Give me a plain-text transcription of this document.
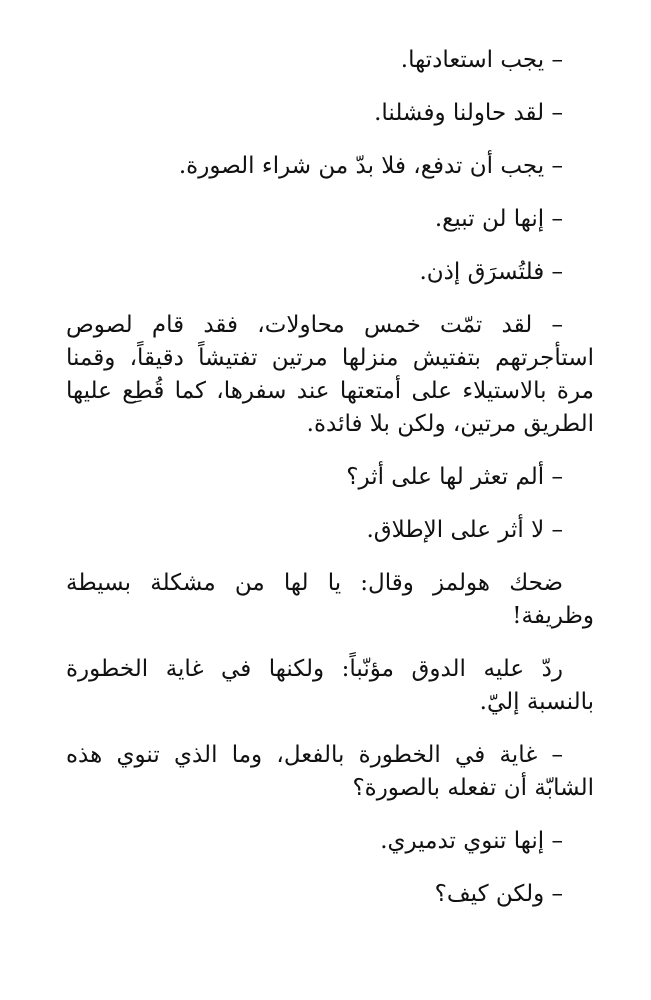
– يجب استعادتها.

– لقد حاولنا وفشلنا.

– يجب أن تدفع، فلا بدّ من شراء الصورة.

– إنها لن تبيع.

– فلتُسرَق إذن.

– لقد تمّت خمس محاولات، فقد قام لصوص استأجرتهم بتفتيش منزلها مرتين تفتيشاً دقيقاً، وقمنا مرة بالاستيلاء على أمتعتها عند سفرها، كما قُطِع عليها الطريق مرتين، ولكن بلا فائدة.

– ألم تعثر لها على أثر؟

– لا أثر على الإطلاق.

ضحك هولمز وقال: يا لها من مشكلة بسيطة وظريفة!

ردّ عليه الدوق مؤنّباً: ولكنها في غاية الخطورة بالنسبة إليّ.

– غاية في الخطورة بالفعل، وما الذي تنوي هذه الشابّة أن تفعله بالصورة؟

– إنها تنوي تدميري.

– ولكن كيف؟
